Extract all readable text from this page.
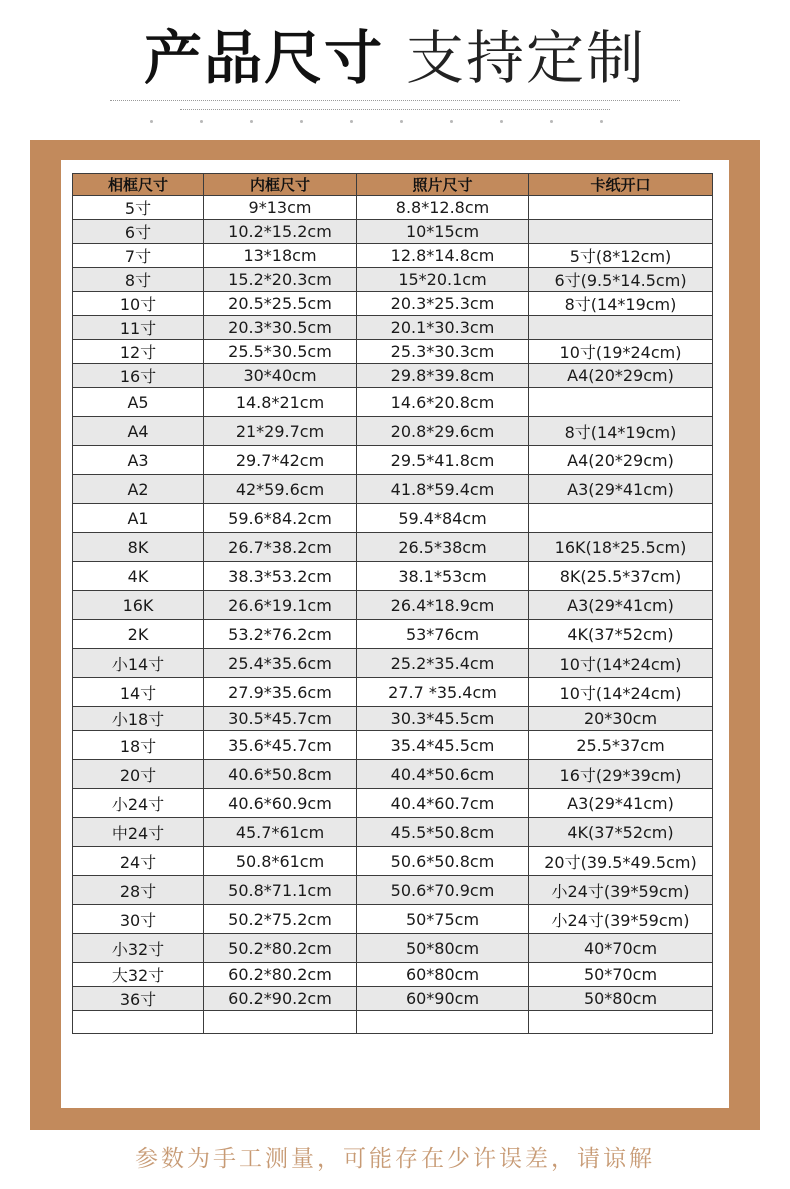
产品尺寸 支持定制
相框尺寸	内框尺寸	照片尺寸	卡纸开口
5寸	9*13cm	8.8*12.8cm	
6寸	10.2*15.2cm	10*15cm	
7寸	13*18cm	12.8*14.8cm	5寸(8*12cm)
8寸	15.2*20.3cm	15*20.1cm	6寸(9.5*14.5cm)
10寸	20.5*25.5cm	20.3*25.3cm	8寸(14*19cm)
11寸	20.3*30.5cm	20.1*30.3cm	
12寸	25.5*30.5cm	25.3*30.3cm	10寸(19*24cm)
16寸	30*40cm	29.8*39.8cm	A4(20*29cm)
A5	14.8*21cm	14.6*20.8cm	
A4	21*29.7cm	20.8*29.6cm	8寸(14*19cm)
A3	29.7*42cm	29.5*41.8cm	A4(20*29cm)
A2	42*59.6cm	41.8*59.4cm	A3(29*41cm)
A1	59.6*84.2cm	59.4*84cm	
8K	26.7*38.2cm	26.5*38cm	16K(18*25.5cm)
4K	38.3*53.2cm	38.1*53cm	8K(25.5*37cm)
16K	26.6*19.1cm	26.4*18.9cm	A3(29*41cm)
2K	53.2*76.2cm	53*76cm	4K(37*52cm)
小14寸	25.4*35.6cm	25.2*35.4cm	10寸(14*24cm)
14寸	27.9*35.6cm	27.7 *35.4cm	10寸(14*24cm)
小18寸	30.5*45.7cm	30.3*45.5cm	20*30cm
18寸	35.6*45.7cm	35.4*45.5cm	25.5*37cm
20寸	40.6*50.8cm	40.4*50.6cm	16寸(29*39cm)
小24寸	40.6*60.9cm	40.4*60.7cm	A3(29*41cm)
中24寸	45.7*61cm	45.5*50.8cm	4K(37*52cm)
24寸	50.8*61cm	50.6*50.8cm	20寸(39.5*49.5cm)
28寸	50.8*71.1cm	50.6*70.9cm	小24寸(39*59cm)
30寸	50.2*75.2cm	50*75cm	小24寸(39*59cm)
小32寸	50.2*80.2cm	50*80cm	40*70cm
大32寸	60.2*80.2cm	60*80cm	50*70cm
36寸	60.2*90.2cm	60*90cm	50*80cm

参数为手工测量，可能存在少许误差，请谅解
